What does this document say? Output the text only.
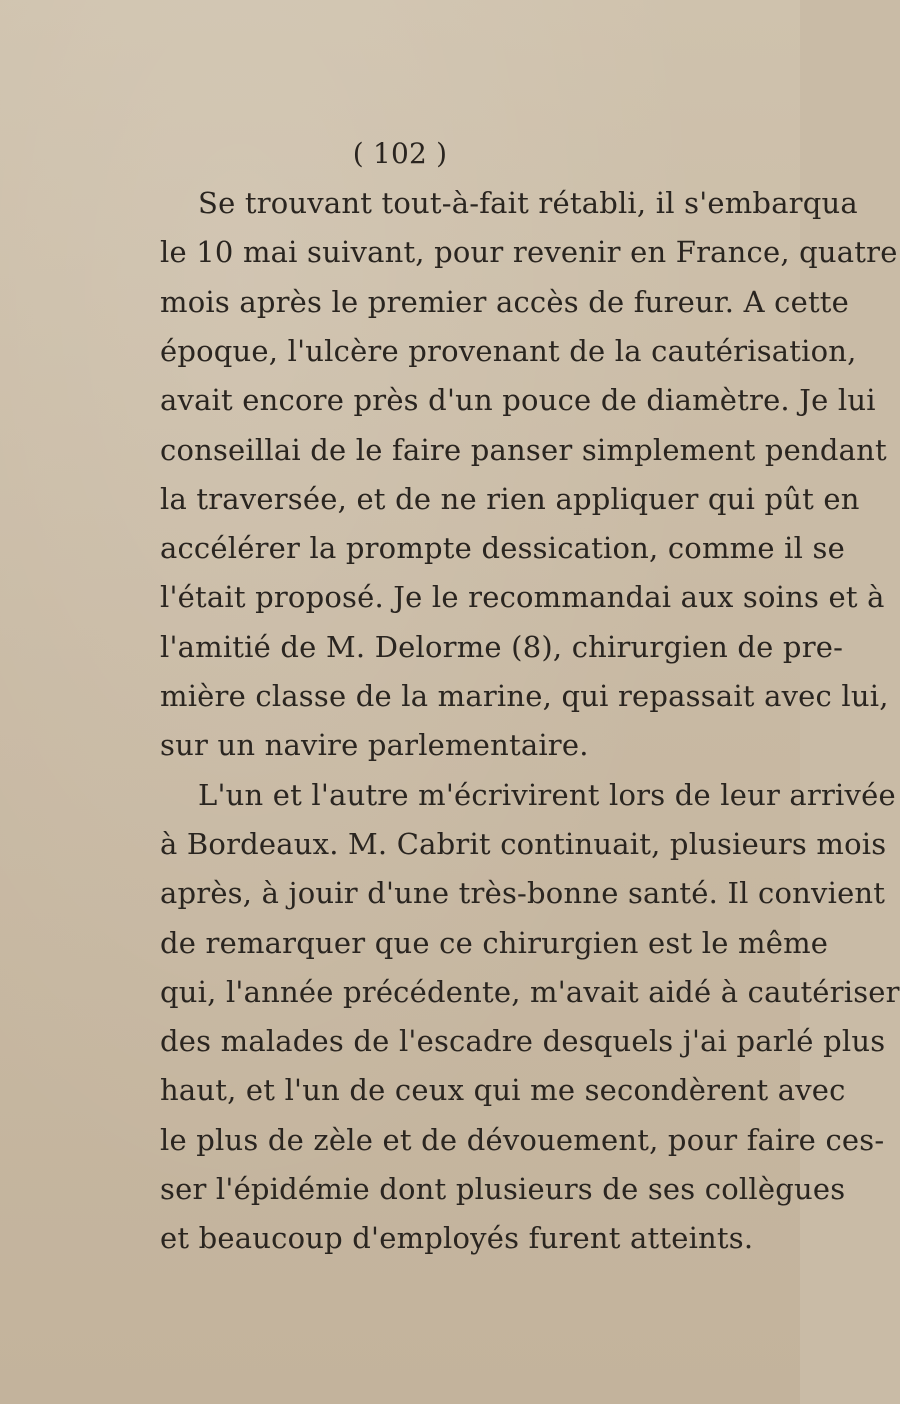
( 102 )
Se trouvant tout-à-fait rétabli, il s'embarqua
le 10 mai suivant, pour revenir en France, quatre
mois après le premier accès de fureur. A cette
époque, l'ulcère provenant de la cautérisation,
avait encore près d'un pouce de diamètre. Je lui
conseillai de le faire panser simplement pendant
la traversée, et de ne rien appliquer qui pût en
accélérer la prompte dessication, comme il se
l'était proposé. Je le recommandai aux soins et à
l'amitié de M. Delorme (8), chirurgien de pre-
mière classe de la marine, qui repassait avec lui,
sur un navire parlementaire.
L'un et l'autre m'écrivirent lors de leur arrivée
à Bordeaux. M. Cabrit continuait, plusieurs mois
après, à jouir d'une très-bonne santé. Il convient
de remarquer que ce chirurgien est le même
qui, l'année précédente, m'avait aidé à cautériser
des malades de l'escadre desquels j'ai parlé plus
haut, et l'un de ceux qui me secondèrent avec
le plus de zèle et de dévouement, pour faire ces-
ser l'épidémie dont plusieurs de ses collègues
et beaucoup d'employés furent atteints.
